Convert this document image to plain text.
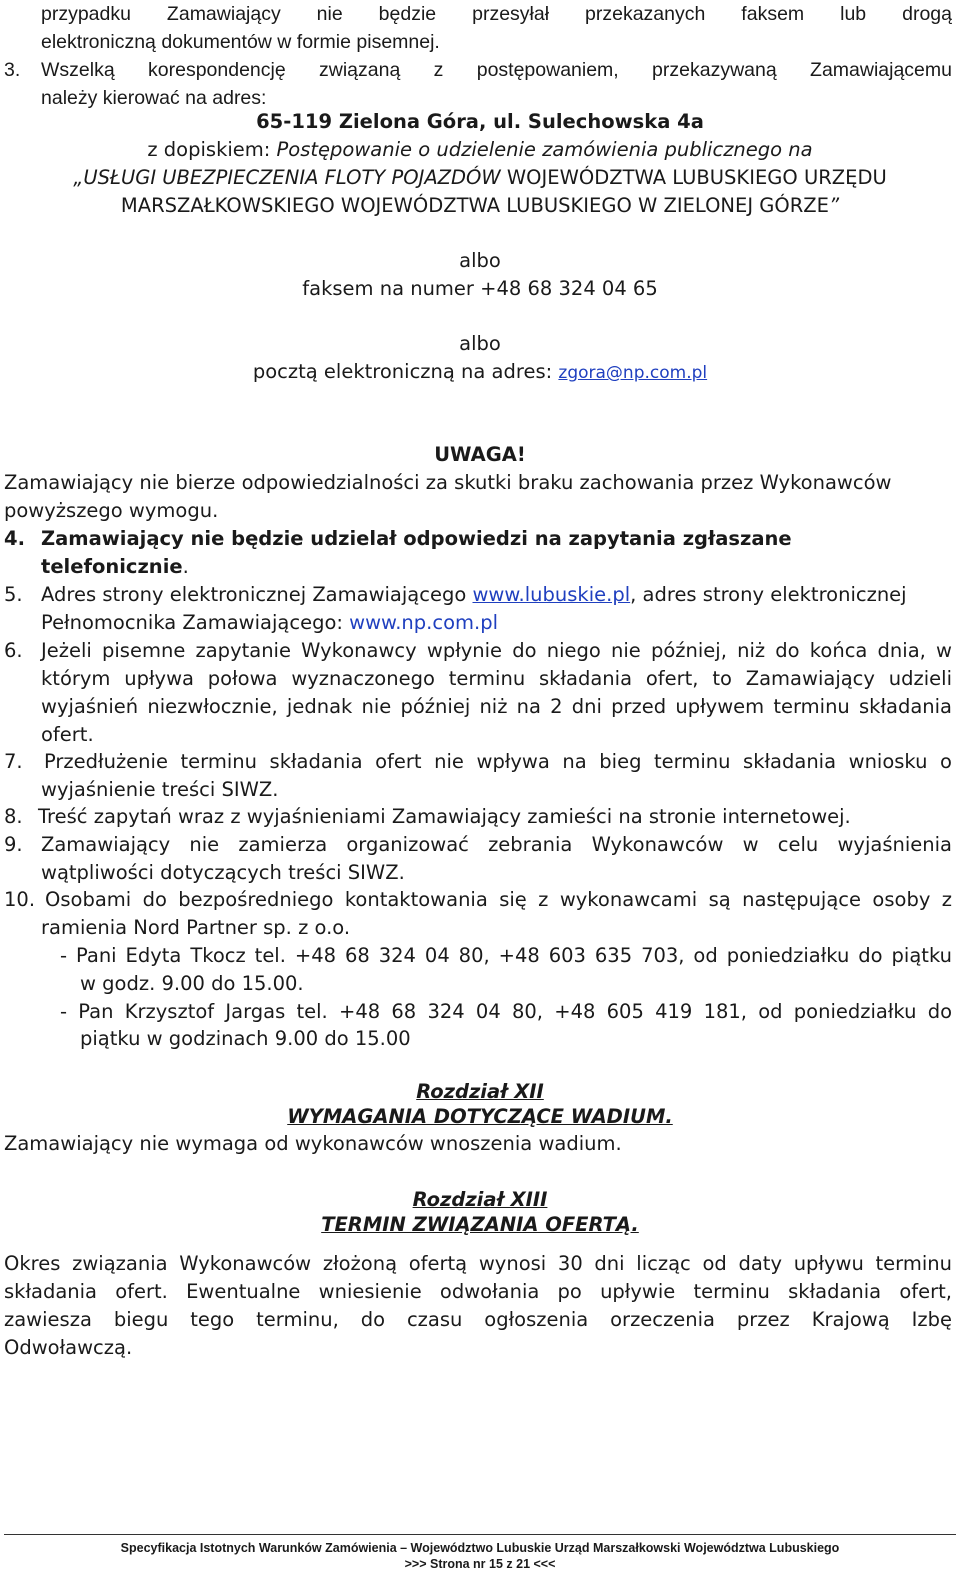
przypadku Zamawiający nie będzie przesyłał przekazanych faksem lub drogą
elektroniczną dokumentów w formie pisemnej.
3. Wszelką korespondencję związaną z postępowaniem, przekazywaną Zamawiającemu
należy kierować na adres:
65-119 Zielona Góra, ul. Sulechowska 4a
z dopiskiem: Postępowanie o udzielenie zamówienia publicznego na
„USŁUGI UBEZPIECZENIA FLOTY POJAZDÓW WOJEWÓDZTWA LUBUSKIEGO URZĘDU
MARSZAŁKOWSKIEGO WOJEWÓDZTWA LUBUSKIEGO W ZIELONEJ GÓRZE”
albo
faksem na numer +48 68 324 04 65
albo
pocztą elektroniczną na adres: zgora@np.com.pl
UWAGA!
Zamawiający nie bierze odpowiedzialności za skutki braku zachowania przez Wykonawców
powyższego wymogu.
4. Zamawiający nie będzie udzielał odpowiedzi na zapytania zgłaszane
telefonicznie.
5. Adres strony elektronicznej Zamawiającego www.lubuskie.pl, adres strony elektronicznej
Pełnomocnika Zamawiającego: www.np.com.pl
6. Jeżeli pisemne zapytanie Wykonawcy wpłynie do niego nie później, niż do końca dnia, w
którym upływa połowa wyznaczonego terminu składania ofert, to Zamawiający udzieli
wyjaśnień niezwłocznie, jednak nie później niż na 2 dni przed upływem terminu składania
ofert.
7. Przedłużenie terminu składania ofert nie wpływa na bieg terminu składania wniosku o
wyjaśnienie treści SIWZ.
8. Treść zapytań wraz z wyjaśnieniami Zamawiający zamieści na stronie internetowej.
9. Zamawiający nie zamierza organizować zebrania Wykonawców w celu wyjaśnienia
wątpliwości dotyczących treści SIWZ.
10. Osobami do bezpośredniego kontaktowania się z wykonawcami są następujące osoby z
ramienia Nord Partner sp. z o.o.
- Pani Edyta Tkocz tel. +48 68 324 04 80, +48 603 635 703, od poniedziałku do piątku
w godz. 9.00 do 15.00.
- Pan Krzysztof Jargas tel. +48 68 324 04 80, +48 605 419 181, od poniedziałku do
piątku w godzinach 9.00 do 15.00
Rozdział XII
WYMAGANIA DOTYCZĄCE WADIUM.
Zamawiający nie wymaga od wykonawców wnoszenia wadium.
Rozdział XIII
TERMIN ZWIĄZANIA OFERTĄ.
Okres związania Wykonawców złożoną ofertą wynosi 30 dni licząc od daty upływu terminu
składania ofert. Ewentualne wniesienie odwołania po upływie terminu składania ofert,
zawiesza biegu tego terminu, do czasu ogłoszenia orzeczenia przez Krajową Izbę
Odwoławczą.
Specyfikacja Istotnych Warunków Zamówienia – Województwo Lubuskie Urząd Marszałkowski Województwa Lubuskiego
>>> Strona nr 15 z 21 <<<
